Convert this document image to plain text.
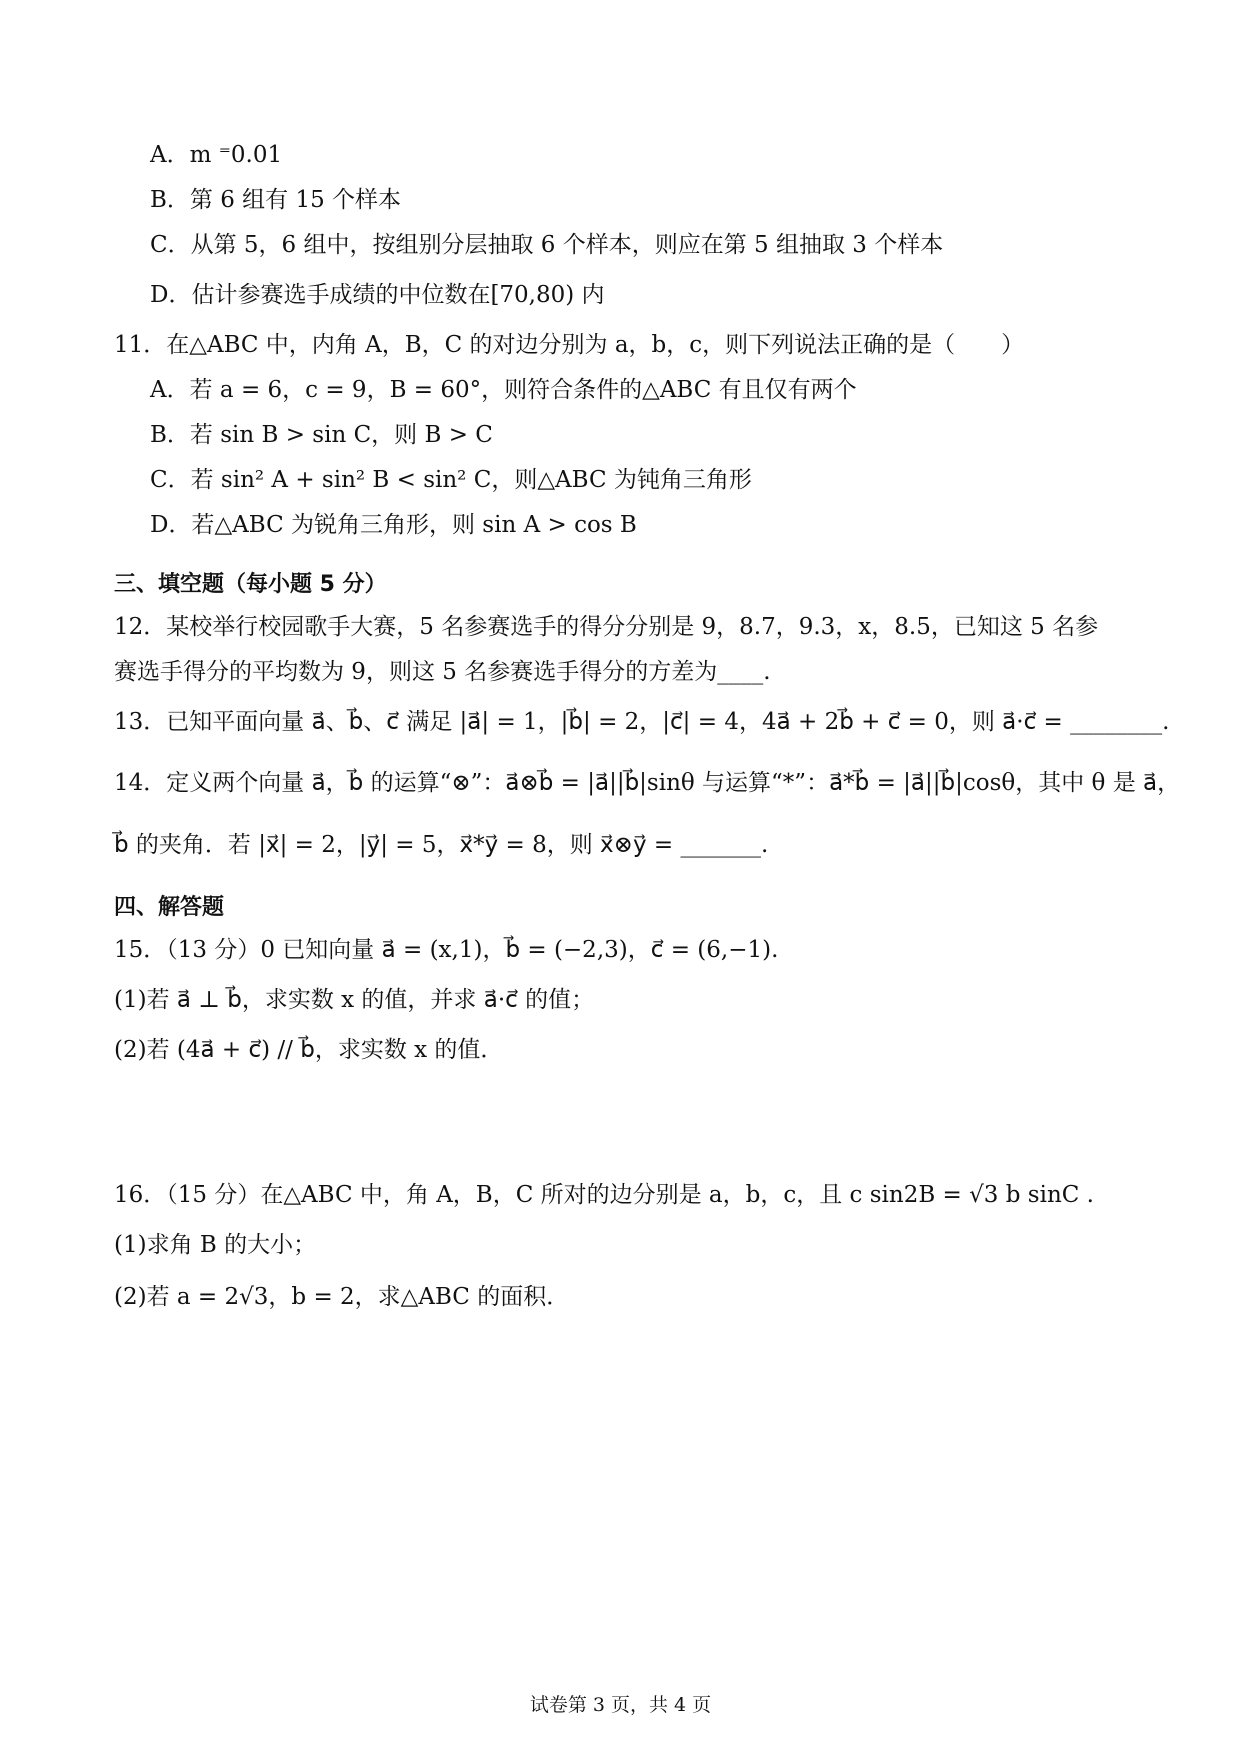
A．m ⁼0.01
B．第 6 组有 15 个样本
C．从第 5，6 组中，按组别分层抽取 6 个样本，则应在第 5 组抽取 3 个样本
D．估计参赛选手成绩的中位数在[70,80) 内
11．在△ABC 中，内角 A，B，C 的对边分别为 a，b，c，则下列说法正确的是（　　）
A．若 a = 6，c = 9，B = 60°，则符合条件的△ABC 有且仅有两个
B．若 sin B > sin C，则 B > C
C．若 sin² A + sin² B < sin² C，则△ABC 为钝角三角形
D．若△ABC 为锐角三角形，则 sin A > cos B
三、填空题（每小题 5 分）
12．某校举行校园歌手大赛，5 名参赛选手的得分分别是 9，8.7，9.3，x，8.5，已知这 5 名参
赛选手得分的平均数为 9，则这 5 名参赛选手得分的方差为____.
13．已知平面向量 a⃗、b⃗、c⃗ 满足 |a⃗| = 1，|b⃗| = 2，|c⃗| = 4，4a⃗ + 2b⃗ + c⃗ = 0，则 a⃗·c⃗ = ________.
14．定义两个向量 a⃗，b⃗ 的运算“⊗”：a⃗⊗b⃗ = |a⃗||b⃗|sinθ 与运算“*”：a⃗*b⃗ = |a⃗||b⃗|cosθ，其中 θ 是 a⃗，
b⃗ 的夹角．若 |x⃗| = 2，|y⃗| = 5，x⃗*y⃗ = 8，则 x⃗⊗y⃗ = _______.
四、解答题
15．（13 分）0 已知向量 a⃗ = (x,1)，b⃗ = (−2,3)，c⃗ = (6,−1).
(1)若 a⃗ ⊥ b⃗，求实数 x 的值，并求 a⃗·c⃗ 的值；
(2)若 (4a⃗ + c⃗) // b⃗，求实数 x 的值．
16．（15 分）在△ABC 中，角 A，B，C 所对的边分别是 a，b，c，且 c sin2B = √3 b sinC .
(1)求角 B 的大小；
(2)若 a = 2√3，b = 2，求△ABC 的面积．
试卷第 3 页，共 4 页
